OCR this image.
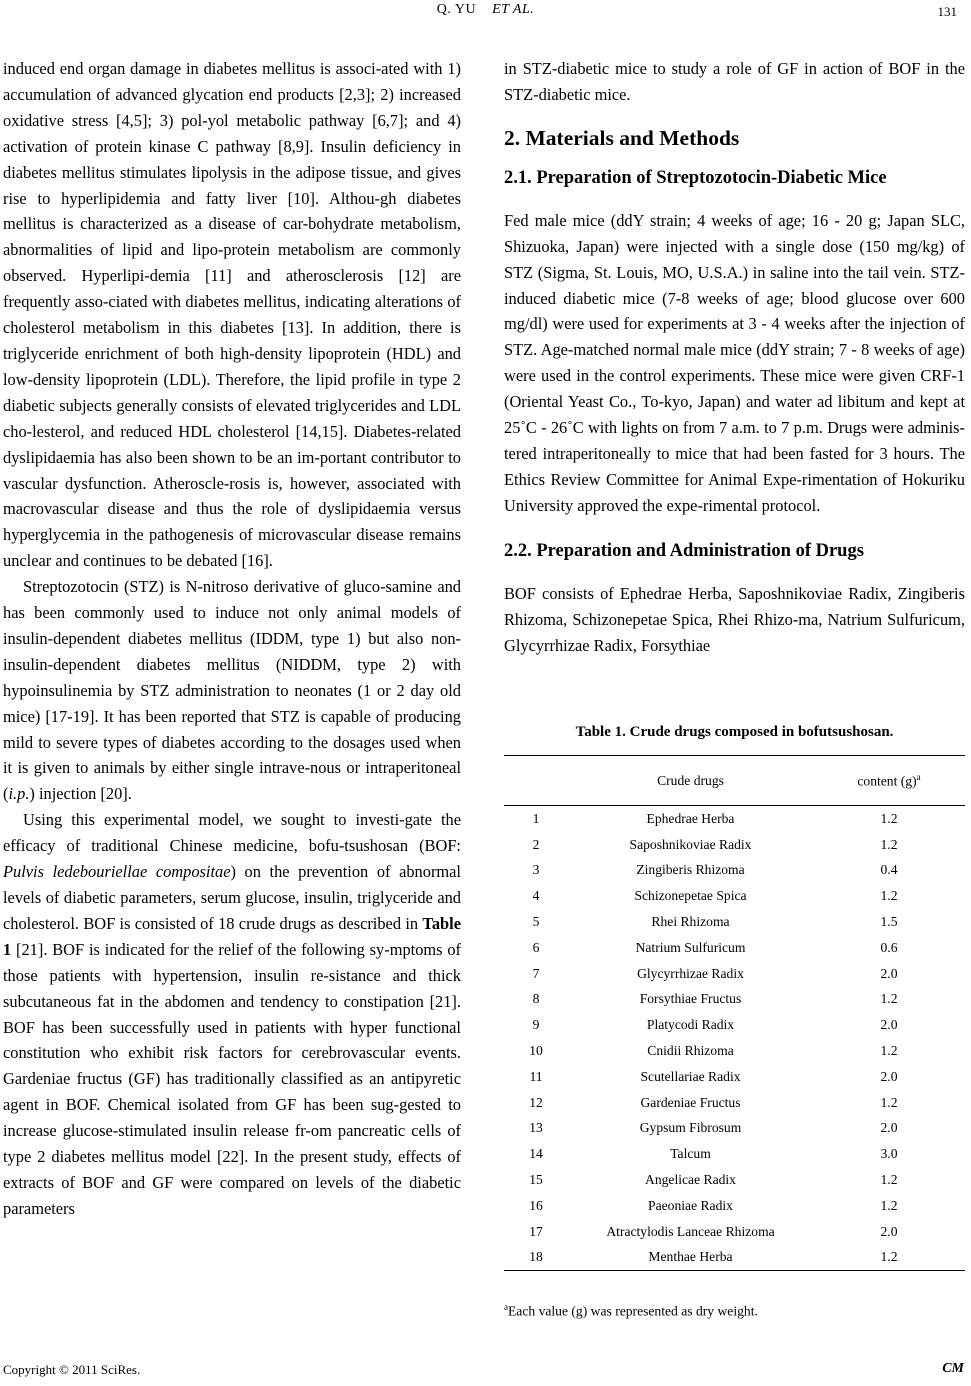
Q. YU ET AL.	131

induced end organ damage in diabetes mellitus is associ-ated with 1) accumulation of advanced glycation end products [2,3]; 2) increased oxidative stress [4,5]; 3) pol-yol metabolic pathway [6,7]; and 4) activation of protein kinase C pathway [8,9]. Insulin deficiency in diabetes mellitus stimulates lipolysis in the adipose tissue, and gives rise to hyperlipidemia and fatty liver [10]. Althou-gh diabetes mellitus is characterized as a disease of car-bohydrate metabolism, abnormalities of lipid and lipo-protein metabolism are commonly observed. Hyperlipi-demia [11] and atherosclerosis [12] are frequently asso-ciated with diabetes mellitus, indicating alterations of cholesterol metabolism in this diabetes [13]. In addition, there is triglyceride enrichment of both high-density lipoprotein (HDL) and low-density lipoprotein (LDL). Therefore, the lipid profile in type 2 diabetic subjects generally consists of elevated triglycerides and LDL cho-lesterol, and reduced HDL cholesterol [14,15]. Diabetes-related dyslipidaemia has also been shown to be an im-portant contributor to vascular dysfunction. Atheroscle-rosis is, however, associated with macrovascular disease and thus the role of dyslipidaemia versus hyperglycemia in the pathogenesis of microvascular disease remains unclear and continues to be debated [16].

Streptozotocin (STZ) is N-nitroso derivative of gluco-samine and has been commonly used to induce not only animal models of insulin-dependent diabetes mellitus (IDDM, type 1) but also non-insulin-dependent diabetes mellitus (NIDDM, type 2) with hypoinsulinemia by STZ administration to neonates (1 or 2 day old mice) [17-19]. It has been reported that STZ is capable of producing mild to severe types of diabetes according to the dosages used when it is given to animals by either single intrave-nous or intraperitoneal (i.p.) injection [20].

Using this experimental model, we sought to investi-gate the efficacy of traditional Chinese medicine, bofu-tsushosan (BOF: Pulvis ledebouriellae compositae) on the prevention of abnormal levels of diabetic parameters, serum glucose, insulin, triglyceride and cholesterol. BOF is consisted of 18 crude drugs as described in Table 1 [21]. BOF is indicated for the relief of the following sy-mptoms of those patients with hypertension, insulin re-sistance and thick subcutaneous fat in the abdomen and tendency to constipation [21]. BOF has been successfully used in patients with hyper functional constitution who exhibit risk factors for cerebrovascular events. Gardeniae fructus (GF) has traditionally classified as an antipyretic agent in BOF. Chemical isolated from GF has been sug-gested to increase glucose-stimulated insulin release fr-om pancreatic cells of type 2 diabetes mellitus model [22]. In the present study, effects of extracts of BOF and GF were compared on levels of the diabetic parameters

in STZ-diabetic mice to study a role of GF in action of BOF in the STZ-diabetic mice.

2. Materials and Methods
2.1. Preparation of Streptozotocin-Diabetic Mice

Fed male mice (ddY strain; 4 weeks of age; 16 - 20 g; Japan SLC, Shizuoka, Japan) were injected with a single dose (150 mg/kg) of STZ (Sigma, St. Louis, MO, U.S.A.) in saline into the tail vein. STZ-induced diabetic mice (7-8 weeks of age; blood glucose over 600 mg/dl) were used for experiments at 3 - 4 weeks after the injection of STZ. Age-matched normal male mice (ddY strain; 7 - 8 weeks of age) were used in the control experiments. These mice were given CRF-1 (Oriental Yeast Co., To-kyo, Japan) and water ad libitum and kept at 25˚C - 26˚C with lights on from 7 a.m. to 7 p.m. Drugs were adminis-tered intraperitoneally to mice that had been fasted for 3 hours. The Ethics Review Committee for Animal Expe-rimentation of Hokuriku University approved the expe-rimental protocol.

2.2. Preparation and Administration of Drugs

BOF consists of Ephedrae Herba, Saposhnikoviae Radix, Zingiberis Rhizoma, Schizonepetae Spica, Rhei Rhizo-ma, Natrium Sulfuricum, Glycyrrhizae Radix, Forsythiae

Table 1. Crude drugs composed in bofutsushosan.
	Crude drugs	content $(g)^a$
1	Ephedrae Herba	1.2
2	Saposhnikoviae Radix	1.2
3	Zingiberis Rhizoma	0.4
4	Schizonepetae Spica	1.2
5	Rhei Rhizoma	1.5
6	Natrium Sulfuricum	0.6
7	Glycyrrhizae Radix	2.0
8	Forsythiae Fructus	1.2
9	Platycodi Radix	2.0
10	Cnidii Rhizoma	1.2
11	Scutellariae Radix	2.0
12	Gardeniae Fructus	1.2
13	Gypsum Fibrosum	2.0
14	Talcum	3.0
15	Angelicae Radix	1.2
16	Paeoniae Radix	1.2
17	Atractylodis Lanceae Rhizoma	2.0
18	Menthae Herba	1.2
$^a$Each value (g) was represented as dry weight.
Copyright © 2011 SciRes.	CM
